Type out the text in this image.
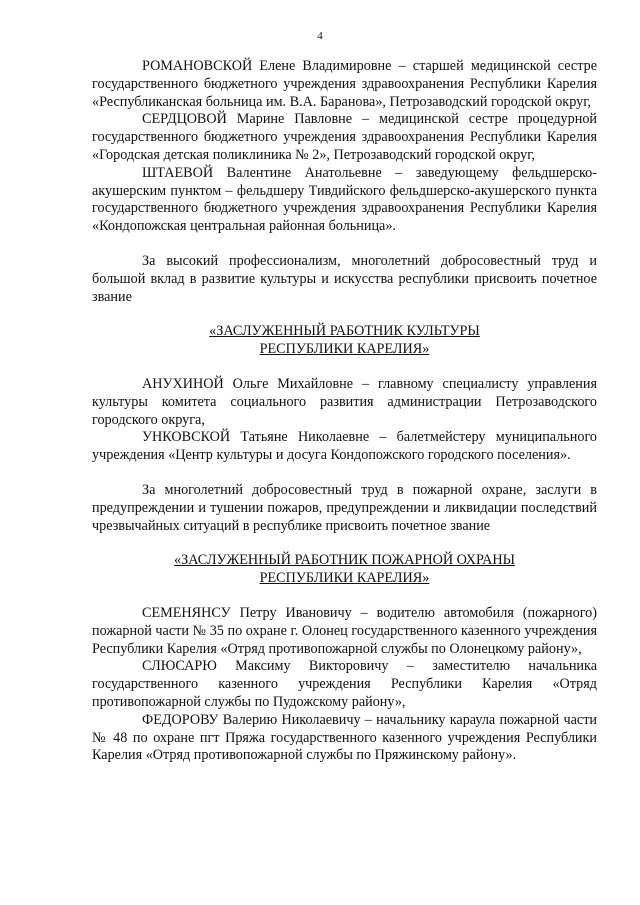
4

РОМАНОВСКОЙ Елене Владимировне – старшей медицинской сестре государственного бюджетного учреждения здравоохранения Республики Карелия «Республиканская больница им. В.А. Баранова», Петрозаводский городской округ,

СЕРДЦОВОЙ Марине Павловне – медицинской сестре процедурной государственного бюджетного учреждения здравоохранения Республики Карелия «Городская детская поликлиника № 2», Петрозаводский городской округ,

ШТАЕВОЙ Валентине Анатольевне – заведующему фельдшерско-акушерским пунктом – фельдшеру Тивдийского фельдшерско-акушерского пункта государственного бюджетного учреждения здравоохранения Республики Карелия «Кондопожская центральная районная больница».

За высокий профессионализм, многолетний добросовестный труд и большой вклад в развитие культуры и искусства республики присвоить почетное звание

«ЗАСЛУЖЕННЫЙ РАБОТНИК КУЛЬТУРЫ

РЕСПУБЛИКИ КАРЕЛИЯ»

АНУХИНОЙ Ольге Михайловне – главному специалисту управления культуры комитета социального развития администрации Петрозаводского городского округа,

УНКОВСКОЙ Татьяне Николаевне – балетмейстеру муниципального учреждения «Центр культуры и досуга Кондопожского городского поселения».

За многолетний добросовестный труд в пожарной охране, заслуги в предупреждении и тушении пожаров, предупреждении и ликвидации последствий чрезвычайных ситуаций в республике присвоить почетное звание

«ЗАСЛУЖЕННЫЙ РАБОТНИК ПОЖАРНОЙ ОХРАНЫ

РЕСПУБЛИКИ КАРЕЛИЯ»

СЕМЕНЯНСУ Петру Ивановичу – водителю автомобиля (пожарного) пожарной части № 35 по охране г. Олонец государственного казенного учреждения Республики Карелия «Отряд противопожарной службы по Олонецкому району»,

СЛЮСАРЮ Максиму Викторовичу – заместителю начальника государственного казенного учреждения Республики Карелия «Отряд противопожарной службы по Пудожскому району»,

ФЕДОРОВУ Валерию Николаевичу – начальнику караула пожарной части № 48 по охране пгт Пряжа государственного казенного учреждения Республики Карелия «Отряд противопожарной службы по Пряжинскому району».
